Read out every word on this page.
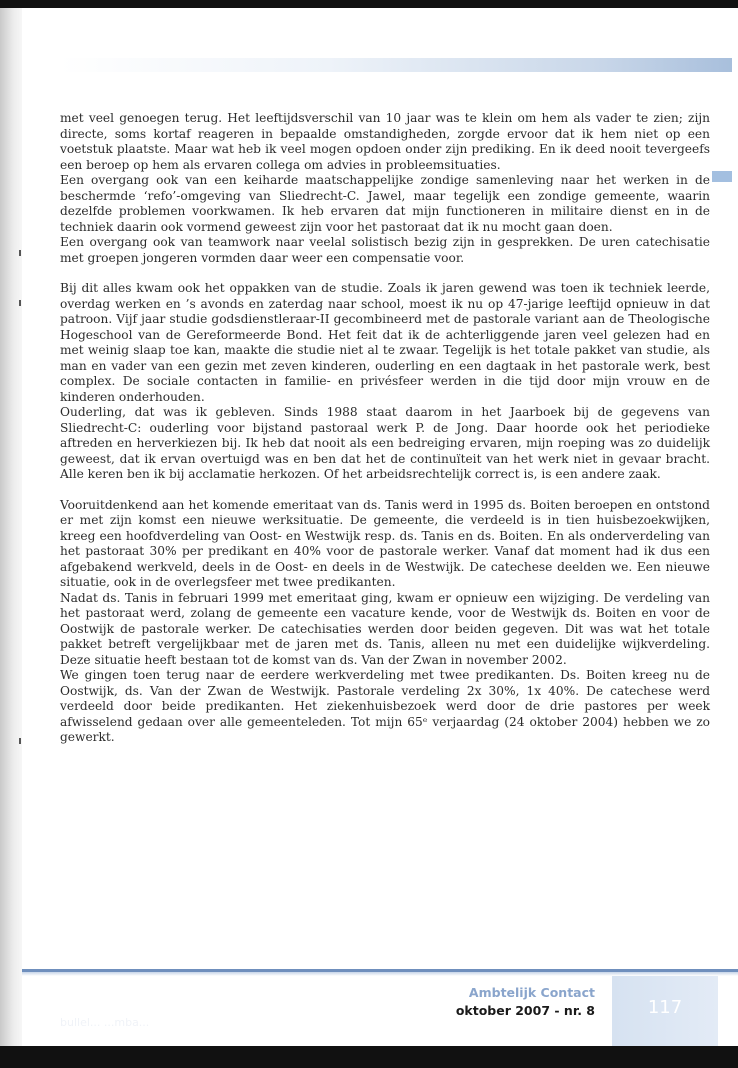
met veel genoegen terug. Het leeftijdsverschil van 10 jaar was te klein om hem als vader te zien; zijn directe, soms kortaf reageren in bepaalde omstandigheden, zorgde ervoor dat ik hem niet op een voetstuk plaatste. Maar wat heb ik veel mogen opdoen onder zijn prediking. En ik deed nooit tevergeefs een beroep op hem als ervaren collega om advies in probleemsituaties.

Een overgang ook van een keiharde maatschappelijke zondige samenleving naar het werken in de beschermde ‘refo’-omgeving van Sliedrecht-C. Jawel, maar tegelijk een zondige gemeente, waarin dezelfde problemen voorkwamen. Ik heb ervaren dat mijn functioneren in militaire dienst en in de techniek daarin ook vormend geweest zijn voor het pastoraat dat ik nu mocht gaan doen.

Een overgang ook van teamwork naar veelal solistisch bezig zijn in gesprekken. De uren catechisatie met groepen jongeren vormden daar weer een compensatie voor.

Bij dit alles kwam ook het oppakken van de studie. Zoals ik jaren gewend was toen ik techniek leerde, overdag werken en ’s avonds en zaterdag naar school, moest ik nu op 47-jarige leeftijd opnieuw in dat patroon. Vijf jaar studie godsdienstleraar-II gecombineerd met de pastorale variant aan de Theologische Hogeschool van de Gereformeerde Bond. Het feit dat ik de achterliggende jaren veel gelezen had en met weinig slaap toe kan, maakte die studie niet al te zwaar. Tegelijk is het totale pakket van studie, als man en vader van een gezin met zeven kinderen, ouderling en een dagtaak in het pastorale werk, best complex. De sociale contacten in familie- en privésfeer werden in die tijd door mijn vrouw en de kinderen onderhouden.

Ouderling, dat was ik gebleven. Sinds 1988 staat daarom in het Jaarboek bij de gegevens van Sliedrecht-C: ouderling voor bijstand pastoraal werk P. de Jong. Daar hoorde ook het periodieke aftreden en herverkiezen bij. Ik heb dat nooit als een bedreiging ervaren, mijn roeping was zo duidelijk geweest, dat ik ervan overtuigd was en ben dat het de continuïteit van het werk niet in gevaar bracht. Alle keren ben ik bij acclamatie herkozen. Of het arbeidsrechtelijk correct is, is een andere zaak.

Vooruitdenkend aan het komende emeritaat van ds. Tanis werd in 1995 ds. Boiten beroepen en ontstond er met zijn komst een nieuwe werksituatie. De gemeente, die verdeeld is in tien huisbezoekwijken, kreeg een hoofdverdeling van Oost- en Westwijk resp. ds. Tanis en ds. Boiten. En als onderverdeling van het pastoraat 30% per predikant en 40% voor de pastorale werker. Vanaf dat moment had ik dus een afgebakend werkveld, deels in de Oost- en deels in de Westwijk. De catechese deelden we. Een nieuwe situatie, ook in de overlegsfeer met twee predikanten.

Nadat ds. Tanis in februari 1999 met emeritaat ging, kwam er opnieuw een wijziging. De verdeling van het pastoraat werd, zolang de gemeente een vacature kende, voor de Westwijk ds. Boiten en voor de Oostwijk de pastorale werker. De catechisaties werden door beiden gegeven. Dit was wat het totale pakket betreft vergelijkbaar met de jaren met ds. Tanis, alleen nu met een duidelijke wijkverdeling. Deze situatie heeft bestaan tot de komst van ds. Van der Zwan in november 2002.

We gingen toen terug naar de eerdere werkverdeling met twee predikanten. Ds. Boiten kreeg nu de Oostwijk, ds. Van der Zwan de Westwijk. Pastorale verdeling 2x 30%, 1x 40%. De catechese werd verdeeld door beide predikanten. Het ziekenhuisbezoek werd door de drie pastores per week afwisselend gedaan over alle gemeenteleden. Tot mijn 65ᵉ verjaardag (24 oktober 2004) hebben we zo gewerkt.

bullel... ...mba...
Ambtelijk Contact
oktober 2007 - nr. 8	117
